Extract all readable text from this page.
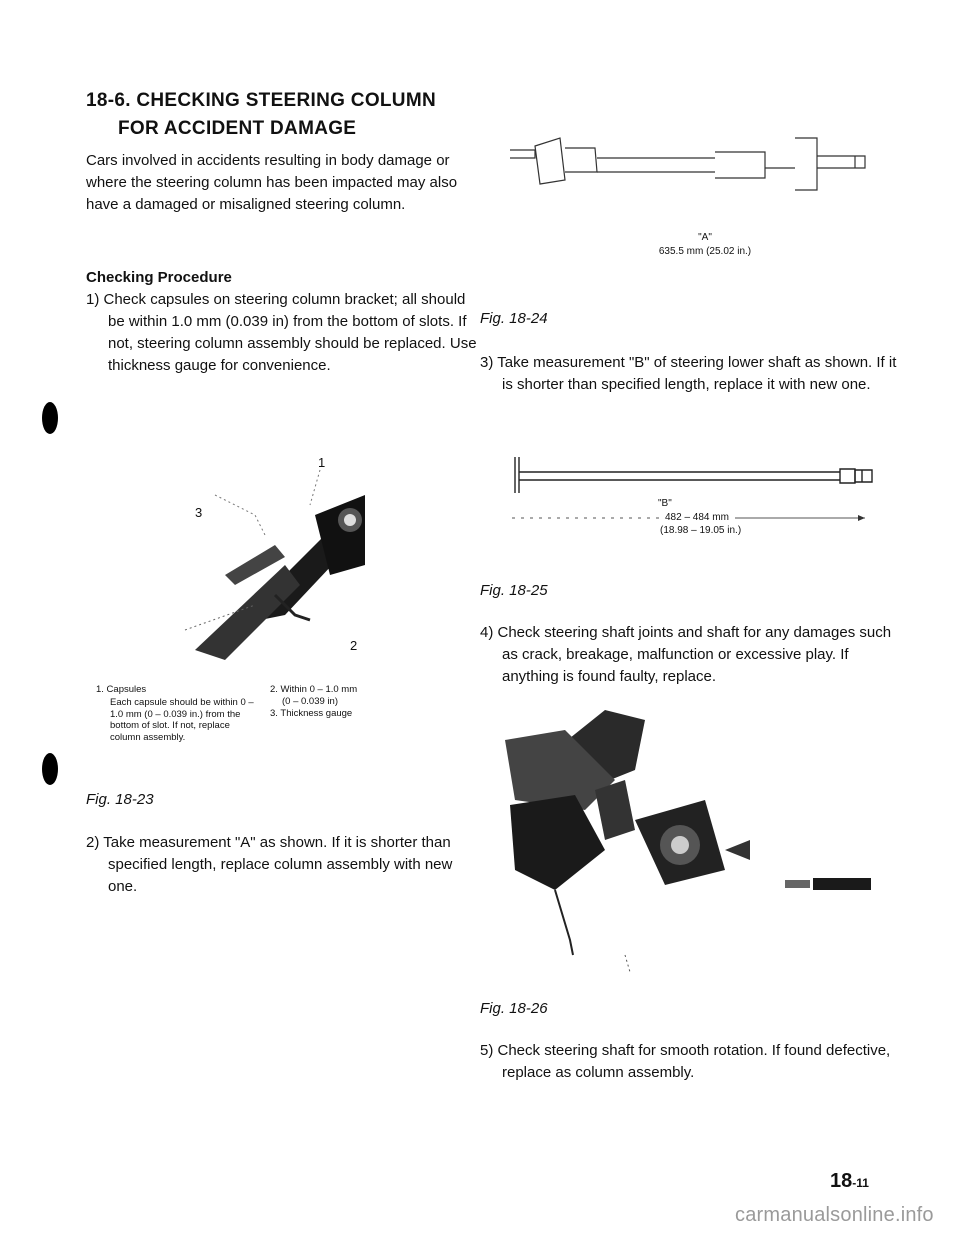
18-6. CHECKING STEERING COLUMN
FOR ACCIDENT DAMAGE
Cars involved in accidents resulting in body damage or where the steering column has been impacted may also have a damaged or misaligned steering column.
Checking Procedure
1) Check capsules on steering column bracket; all should be within 1.0 mm (0.039 in) from the bottom of slots. If not, steering column assembly should be replaced. Use thickness gauge for convenience.
1
3
2
1. Capsules
Each capsule should be within 0 – 1.0 mm (0 – 0.039 in.) from the bottom of slot. If not, replace column assembly.
2. Within 0 – 1.0 mm
(0 – 0.039 in)
3. Thickness gauge
Fig. 18-23
2) Take measurement "A" as shown. If it is shorter than specified length, replace column assembly with new one.
"A"
635.5 mm (25.02 in.)
Fig. 18-24
3) Take measurement "B" of steering lower shaft as shown. If it is shorter than specified length, replace it with new one.
"B"
482 – 484 mm
(18.98 – 19.05 in.)
Fig. 18-25
4) Check steering shaft joints and shaft for any damages such as crack, breakage, malfunction or excessive play. If anything is found faulty, replace.
Fig. 18-26
5) Check steering shaft for smooth rotation. If found defective, replace as column assembly.
18-11
carmanualsonline.info
